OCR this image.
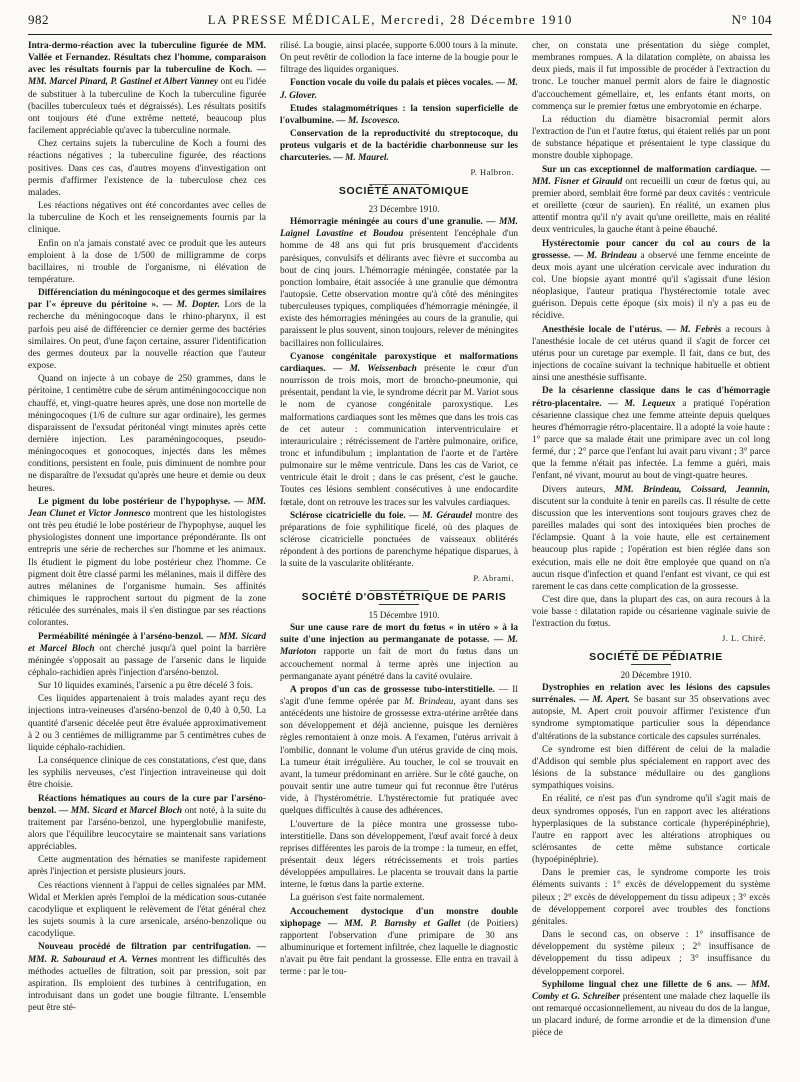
982	LA PRESSE MÉDICALE, Mercredi, 28 Décembre 1910	N° 104

Intra-dermo-réaction avec la tuberculine figurée de MM. Vallée et Fernandez. Résultats chez l'homme, comparaison avec les résultats fournis par la tuberculine de Koch. — MM. Marcel Pinard, P. Gastinel et Albert Vanney ont eu l'idée de substituer à la tuberculine de Koch la tuberculine figurée (bacilles tuberculeux tués et dégraissés). Les résultats positifs ont toujours été d'une extrême netteté, beaucoup plus facilement appréciable qu'avec la tuberculine normale.

Chez certains sujets la tuberculine de Koch a fourni des réactions négatives ; la tuberculine figurée, des réactions positives. Dans ces cas, d'autres moyens d'investigation ont permis d'affirmer l'existence de la tuberculose chez ces malades.

Les réactions négatives ont été concordantes avec celles de la tuberculine de Koch et les renseignements fournis par la clinique.

Enfin on n'a jamais constaté avec ce produit que les auteurs emploient à la dose de 1/500 de milligramme de corps bacillaires, ni trouble de l'organisme, ni élévation de température.

Différenciation du méningocoque et des germes similaires par l'« épreuve du péritoine ». — M. Dopter. Lors de la recherche du méningocoque dans le rhino-pharynx, il est parfois peu aisé de différencier ce dernier germe des bactéries similaires. On peut, d'une façon certaine, assurer l'identification des germes douteux par la nouvelle réaction que l'auteur expose.

Quand on injecte à un cobaye de 250 grammes, dans le péritoine, 1 centimètre cube de sérum antiméningococcique non chauffé, et, vingt-quatre heures après, une dose non mortelle de méningocoques (1/6 de culture sur agar ordinaire), les germes disparaissent de l'exsudat péritonéal vingt minutes après cette dernière injection. Les paraméningocoques, pseudo-méningocoques et gonocoques, injectés dans les mêmes conditions, persistent en foule, puis diminuent de nombre pour ne disparaître de l'exsudat qu'après une heure et demie ou deux heures.

Le pigment du lobe postérieur de l'hypophyse. — MM. Jean Clunet et Victor Jonnesco montrent que les histologistes ont très peu étudié le lobe postérieur de l'hypophyse, auquel les physiologistes donnent une importance prépondérante. Ils ont entrepris une série de recherches sur l'homme et les animaux. Ils étudient le pigment du lobe postérieur chez l'homme. Ce pigment doit être classé parmi les mélanines, mais il diffère des autres mélanines de l'organisme humain. Ses affinités chimiques le rapprochent surtout du pigment de la zone réticulée des surrénales, mais il s'en distingue par ses réactions colorantes.

Perméabilité méningée à l'arséno-benzol. — MM. Sicard et Marcel Bloch ont cherché jusqu'à quel point la barrière méningée s'opposait au passage de l'arsenic dans le liquide céphalo-rachidien après l'injection d'arséno-benzol.

Sur 10 liquides examinés, l'arsenic a pu être décelé 3 fois.

Ces liquides appartenaient à trois malades ayant reçu des injections intra-veineuses d'arséno-benzol de 0,40 à 0,50. La quantité d'arsenic décelée peut être évaluée approximativement à 2 ou 3 centièmes de milligramme par 5 centimètres cubes de liquide céphalo-rachidien.

La conséquence clinique de ces constatations, c'est que, dans les syphilis nerveuses, c'est l'injection intraveineuse qui doit être choisie.

Réactions hématiques au cours de la cure par l'arséno-benzol. — MM. Sicard et Marcel Bloch ont noté, à la suite du traitement par l'arséno-benzol, une hyperglobulie manifeste, alors que l'équilibre leucocytaire se maintenait sans variations appréciables.

Cette augmentation des hématies se manifeste rapidement après l'injection et persiste plusieurs jours.

Ces réactions viennent à l'appui de celles signalées par MM. Widal et Merklen après l'emploi de la médication sous-cutanée cacodylique et expliquent le relèvement de l'état général chez les sujets soumis à la cure arsenicale, arséno-benzolique ou cacodylique.

Nouveau procédé de filtration par centrifugation. — MM. R. Sabouraud et A. Vernes montrent les difficultés des méthodes actuelles de filtration, soit par pression, soit par aspiration. Ils emploient des turbines à centrifugation, en introduisant dans un godet une bougie filtrante. L'ensemble peut être sté-

rilisé. La bougie, ainsi placée, supporte 6.000 tours à la minute. On peut revêtir de collodion la face interne de la bougie pour le filtrage des liquides organiques.

Fonction vocale du voile du palais et pièces vocales. — M. J. Glover.

Etudes stalagmométriques : la tension superficielle de l'ovalbumine. — M. Iscovesco.

Conservation de la reproductivité du streptocoque, du proteus vulgaris et de la bactéridie charbonneuse sur les charcuteries. — M. Maurel.

P. Halbron.

SOCIÉTÉ ANATOMIQUE

23 Décembre 1910.

Hémorragie méningée au cours d'une granulie. — MM. Laignel Lavastine et Boudou présentent l'encéphale d'un homme de 48 ans qui fut pris brusquement d'accidents parésiques, convulsifs et délirants avec fièvre et succomba au bout de cinq jours. L'hémorragie méningée, constatée par la ponction lombaire, était associée à une granulie que démontra l'autopsie. Cette observation montre qu'à côté des méningites tuberculeuses typiques, compliquées d'hémorragie méningée, il existe des hémorragies méningées au cours de la granulie, qui paraissent le plus souvent, sinon toujours, relever de méningites bacillaires non folliculaires.

Cyanose congénitale paroxystique et malformations cardiaques. — M. Weissenbach présente le cœur d'un nourrisson de trois mois, mort de broncho-pneumonie, qui présentait, pendant la vie, le syndrome décrit par M. Variot sous le nom de cyanose congénitale paroxystique. Les malformations cardiaques sont les mêmes que dans les trois cas de cet auteur : communication interventriculaire et interauriculaire ; rétrécissement de l'artère pulmonaire, orifice, tronc et infundibulum ; implantation de l'aorte et de l'artère pulmonaire sur le même ventricule. Dans les cas de Variot, ce ventricule était le droit ; dans le cas présent, c'est le gauche. Toutes ces lésions semblent consécutives à une endocardite fœtale, dont on retrouve les traces sur les valvules cardiaques.

Sclérose cicatricielle du foie. — M. Géraudel montre des préparations de foie syphilitique ficelé, où des plaques de sclérose cicatricielle ponctuées de vaisseaux oblitérés répondent à des portions de parenchyme hépatique disparues, à la suite de la vascularite oblitérante.

P. Abrami.

SOCIÉTÉ D'OBSTÉTRIQUE DE PARIS

15 Décembre 1910.

Sur une cause rare de mort du fœtus « in utéro » à la suite d'une injection au permanganate de potasse. — M. Marioton rapporte un fait de mort du fœtus dans un accouchement normal à terme après une injection au permanganate ayant pénétré dans la cavité ovulaire.

A propos d'un cas de grossesse tubo-interstitielle. — Il s'agit d'une femme opérée par M. Brindeau, ayant dans ses antécédents une histoire de grossesse extra-utérine arrêtée dans son développement et déjà ancienne, puisque les dernières règles remontaient à onze mois. A l'examen, l'utérus arrivait à l'ombilic, donnant le volume d'un utérus gravide de cinq mois. La tumeur était irrégulière. Au toucher, le col se trouvait en avant, la tumeur prédominant en arrière. Sur le côté gauche, on pouvait sentir une autre tumeur qui fut reconnue être l'utérus vide, à l'hystérométrie. L'hystérectomie fut pratiquée avec quelques difficultés à cause des adhérences.

L'ouverture de la pièce montra une grossesse tubo-interstitielle. Dans son développement, l'œuf avait forcé à deux reprises différentes les parois de la trompe : la tumeur, en effet, présentait deux légers rétrécissements et trois parties développées ampullaires. Le placenta se trouvait dans la partie interne, le fœtus dans la partie externe.

La guérison s'est faite normalement.

Accouchement dystocique d'un monstre double xiphopage — MM. P. Barnsby et Gallet (de Poitiers) rapportent l'observation d'une primipare de 30 ans albuminurique et fortement infiltrée, chez laquelle le diagnostic n'avait pu être fait pendant la grossesse. Elle entra en travail à terme : par le tou-

cher, on constata une présentation du siège complet, membranes rompues. A la dilatation complète, on abaissa les deux pieds, mais il fut impossible de procéder à l'extraction du tronc. Le toucher manuel permit alors de faire le diagnostic d'accouchement gémellaire, et, les enfants étant morts, on commença sur le premier fœtus une embryotomie en écharpe.

La réduction du diamètre bisacromial permit alors l'extraction de l'un et l'autre fœtus, qui étaient reliés par un pont de substance hépatique et présentaient le type classique du monstre double xiphopage.

Sur un cas exceptionnel de malformation cardiaque. — MM. Fisner et Girauld ont recueilli un cœur de fœtus qui, au premier abord, semblait être formé par deux cavités : ventricule et oreillette (cœur de saurien). En réalité, un examen plus attentif montra qu'il n'y avait qu'une oreillette, mais en réalité deux ventricules, la gauche étant à peine ébauché.

Hystérectomie pour cancer du col au cours de la grossesse. — M. Brindeau a observé une femme enceinte de deux mois ayant une ulcération cervicale avec induration du col. Une biopsie ayant montré qu'il s'agissait d'une lésion néoplasique, l'auteur pratiqua l'hystérectomie totale avec guérison. Depuis cette époque (six mois) il n'y a pas eu de récidive.

Anesthésie locale de l'utérus. — M. Febrès a recours à l'anesthésie locale de cet utérus quand il s'agit de forcer cet utérus pour un curetage par exemple. Il fait, dans ce but, des injections de cocaïne suivant la technique habituelle et obtient ainsi une anesthésie suffisante.

De la césarienne classique dans le cas d'hémorragie rétro-placentaire. — M. Lequeux a pratiqué l'opération césarienne classique chez une femme atteinte depuis quelques heures d'hémorragie rétro-placentaire. Il a adopté la voie haute : 1° parce que sa malade était une primipare avec un col long fermé, dur ; 2° parce que l'enfant lui avait paru vivant ; 3° parce que la femme n'était pas infectée. La femme a guéri, mais l'enfant, né vivant, mourut au bout de vingt-quatre heures.

Divers auteurs, MM. Brindeau, Coissard, Jeannin, discutent sur la conduite à tenir en pareils cas. Il résulte de cette discussion que les interventions sont toujours graves chez de pareilles malades qui sont des intoxiquées bien proches de l'éclampsie. Quant à la voie haute, elle est certainement beaucoup plus rapide ; l'opération est bien réglée dans son exécution, mais elle ne doit être employée que quand on n'a aucun risque d'infection et quand l'enfant est vivant, ce qui est rarement le cas dans cette complication de la grossesse.

C'est dire que, dans la plupart des cas, on aura recours à la voie basse : dilatation rapide ou césarienne vaginale suivie de l'extraction du fœtus.

J. L. Chiré.

SOCIÉTÉ DE PÉDIATRIE

20 Décembre 1910.

Dystrophies en relation avec les lésions des capsules surrénales. — M. Apert. Se basant sur 35 observations avec autopsie, M. Apert croit pouvoir affirmer l'existence d'un syndrome symptomatique particulier sous la dépendance d'altérations de la substance corticale des capsules surrénales.

Ce syndrome est bien différent de celui de la maladie d'Addison qui semble plus spécialement en rapport avec des lésions de la substance médullaire ou des ganglions sympathiques voisins.

En réalité, ce n'est pas d'un syndrome qu'il s'agit mais de deux syndromes opposés, l'un en rapport avec les altérations hyperplasiques de la substance corticale (hyperépinéphrie), l'autre en rapport avec les altérations atrophiques ou sclérosantes de cette même substance corticale (hypoépinéphrie).

Dans le premier cas, le syndrome comporte les trois éléments suivants : 1° excès de développement du système pileux ; 2° excès de développement du tissu adipeux ; 3° excès de développement corporel avec troubles des fonctions génitales.

Dans le second cas, on observe : 1° insuffisance de développement du système pileux ; 2° insuffisance de développement du tissu adipeux ; 3° insuffisance du développement corporel.

Syphilome lingual chez une fillette de 6 ans. — MM. Comby et G. Schreiber présentent une malade chez laquelle ils ont remarqué occasionnellement, au niveau du dos de la langue, un placard induré, de forme arrondie et de la dimension d'une pièce de
